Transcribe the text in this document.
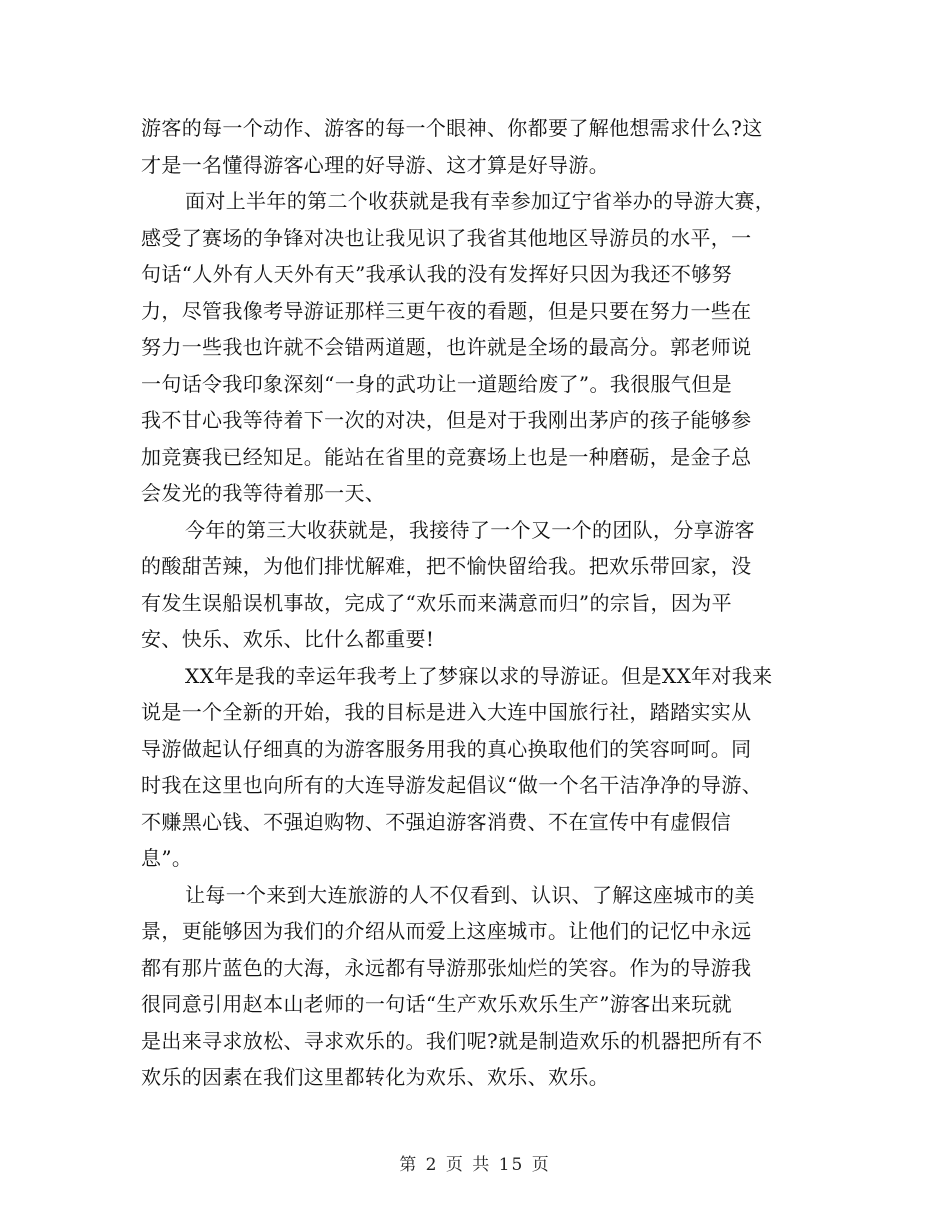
游客的每一个动作、游客的每一个眼神、你都要了解他想需求什么?这
才是一名懂得游客心理的好导游、这才算是好导游。
面对上半年的第二个收获就是我有幸参加辽宁省举办的导游大赛，
感受了赛场的争锋对决也让我见识了我省其他地区导游员的水平，一
句话“人外有人天外有天”我承认我的没有发挥好只因为我还不够努
力，尽管我像考导游证那样三更午夜的看题，但是只要在努力一些在
努力一些我也许就不会错两道题，也许就是全场的最高分。郭老师说
一句话令我印象深刻“一身的武功让一道题给废了”。我很服气但是
我不甘心我等待着下一次的对决，但是对于我刚出茅庐的孩子能够参
加竞赛我已经知足。能站在省里的竞赛场上也是一种磨砺，是金子总
会发光的我等待着那一天、
今年的第三大收获就是，我接待了一个又一个的团队，分享游客
的酸甜苦辣，为他们排忧解难，把不愉快留给我。把欢乐带回家，没
有发生误船误机事故，完成了“欢乐而来满意而归”的宗旨，因为平
安、快乐、欢乐、比什么都重要!
XX年是我的幸运年我考上了梦寐以求的导游证。但是XX年对我来
说是一个全新的开始，我的目标是进入大连中国旅行社，踏踏实实从
导游做起认仔细真的为游客服务用我的真心换取他们的笑容呵呵。同
时我在这里也向所有的大连导游发起倡议“做一个名干洁净净的导游、
不赚黑心钱、不强迫购物、不强迫游客消费、不在宣传中有虚假信
息”。
让每一个来到大连旅游的人不仅看到、认识、了解这座城市的美
景，更能够因为我们的介绍从而爱上这座城市。让他们的记忆中永远
都有那片蓝色的大海，永远都有导游那张灿烂的笑容。作为的导游我
很同意引用赵本山老师的一句话“生产欢乐欢乐生产”游客出来玩就
是出来寻求放松、寻求欢乐的。我们呢?就是制造欢乐的机器把所有不
欢乐的因素在我们这里都转化为欢乐、欢乐、欢乐。
第 2 页 共 15 页
